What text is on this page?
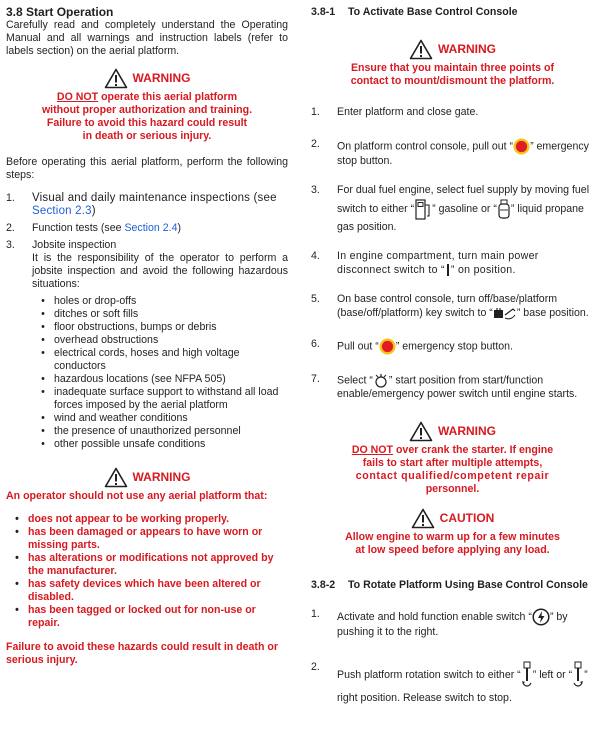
3.8 Start Operation
Carefully read and completely understand the Operating Manual and all warnings and instruction labels (refer to labels section) on the aerial platform.
WARNING
DO NOT operate this aerial platform
without proper authorization and training.
Failure to avoid this hazard could result
in death or serious injury.
Before operating this aerial platform, perform the following steps:
1.	Visual and daily maintenance inspections (see Section 2.3)
2.	Function tests (see Section 2.4)
3.	Jobsite inspection
It is the responsibility of the operator to perform a jobsite inspection and avoid the following hazardous situations:
• holes or drop-offs
• ditches or soft fills
• floor obstructions, bumps or debris
• overhead obstructions
• electrical cords, hoses and high voltage conductors
• hazardous locations (see NFPA 505)
• inadequate surface support to withstand all load forces imposed by the aerial platform
• wind and weather conditions
• the presence of unauthorized personnel
• other possible unsafe conditions
WARNING
An operator should not use any aerial platform that:
• does not appear to be working properly.
• has been damaged or appears to have worn or missing parts.
• has alterations or modifications not approved by the manufacturer.
• has safety devices which have been altered or disabled.
• has been tagged or locked out for non-use or repair.
Failure to avoid these hazards could result in death or serious injury.
3.8-1	To Activate Base Control Console
WARNING
Ensure that you maintain three points of
contact to mount/dismount the platform.
1.	Enter platform and close gate.
2.	On platform control console, pull out “ ” emergency stop button.
3.	For dual fuel engine, select fuel supply by moving fuel switch to either “ ” gasoline or “ ” liquid propane gas position.
4.	In engine compartment, turn main power disconnect switch to “ ” on position.
5.	On base control console, turn off/base/platform (base/off/platform) key switch to “ ” base position.
6.	Pull out “ ” emergency stop button.
7.	Select “ ” start position from start/function enable/emergency power switch until engine starts.
WARNING
DO NOT over crank the starter. If engine
fails to start after multiple attempts,
contact qualified/competent repair
personnel.
CAUTION
Allow engine to warm up for a few minutes
at low speed before applying any load.
3.8-2	To Rotate Platform Using Base Control Console
1.	Activate and hold function enable switch “ ” by pushing it to the right.
2.
Push platform rotation switch to either “ ” left or “ ” right position. Release switch to stop.
